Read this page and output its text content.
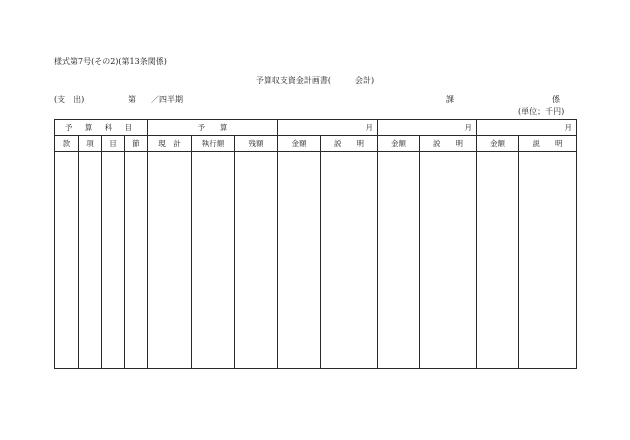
様式第7号(その2)(第13条関係)
予算収支資金計画書(　　　会計)
(支　出)	第 ／四半期	課	係
(単位；千円)
予 算 科 目				予　　算			月		月		月	
款	項	目	節	現　計	執行額	残額	金額	説　　明	金額	説　　明	金額	説　　明
